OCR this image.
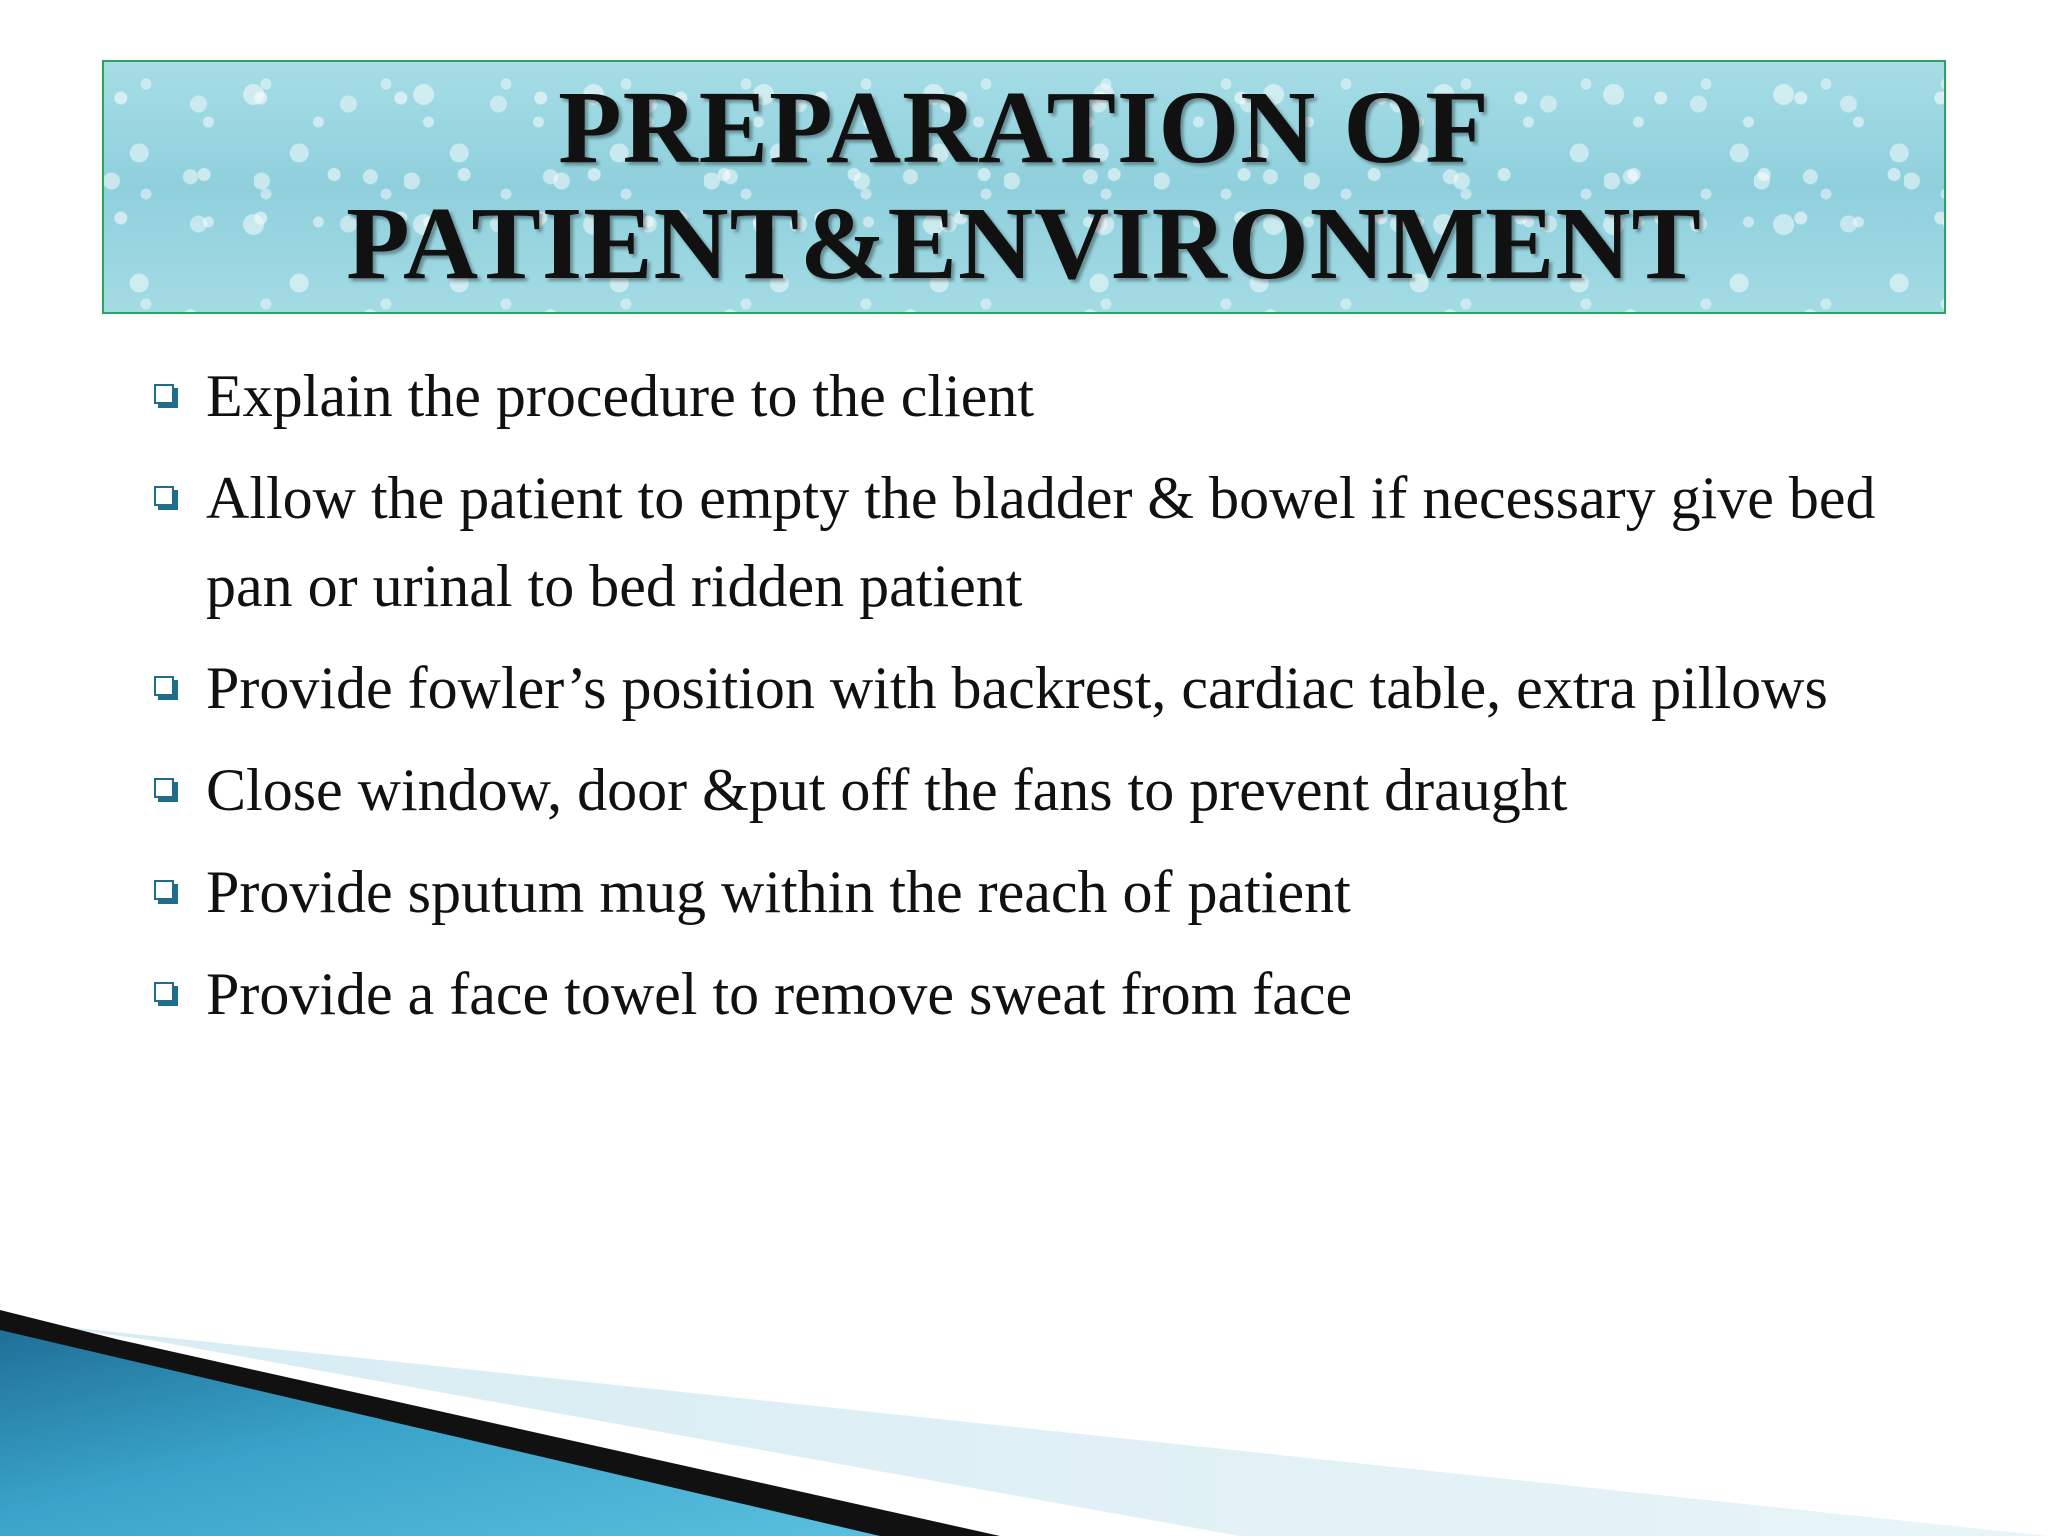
PREPARATION OF
PATIENT&ENVIRONMENT
Explain the procedure to the client
Allow the patient to empty the bladder & bowel if necessary give bed pan or urinal to bed ridden patient
Provide fowler’s position with backrest, cardiac table, extra pillows
Close window, door &put off the fans to prevent draught
Provide sputum mug within the reach of patient
Provide a face towel to remove sweat from face
